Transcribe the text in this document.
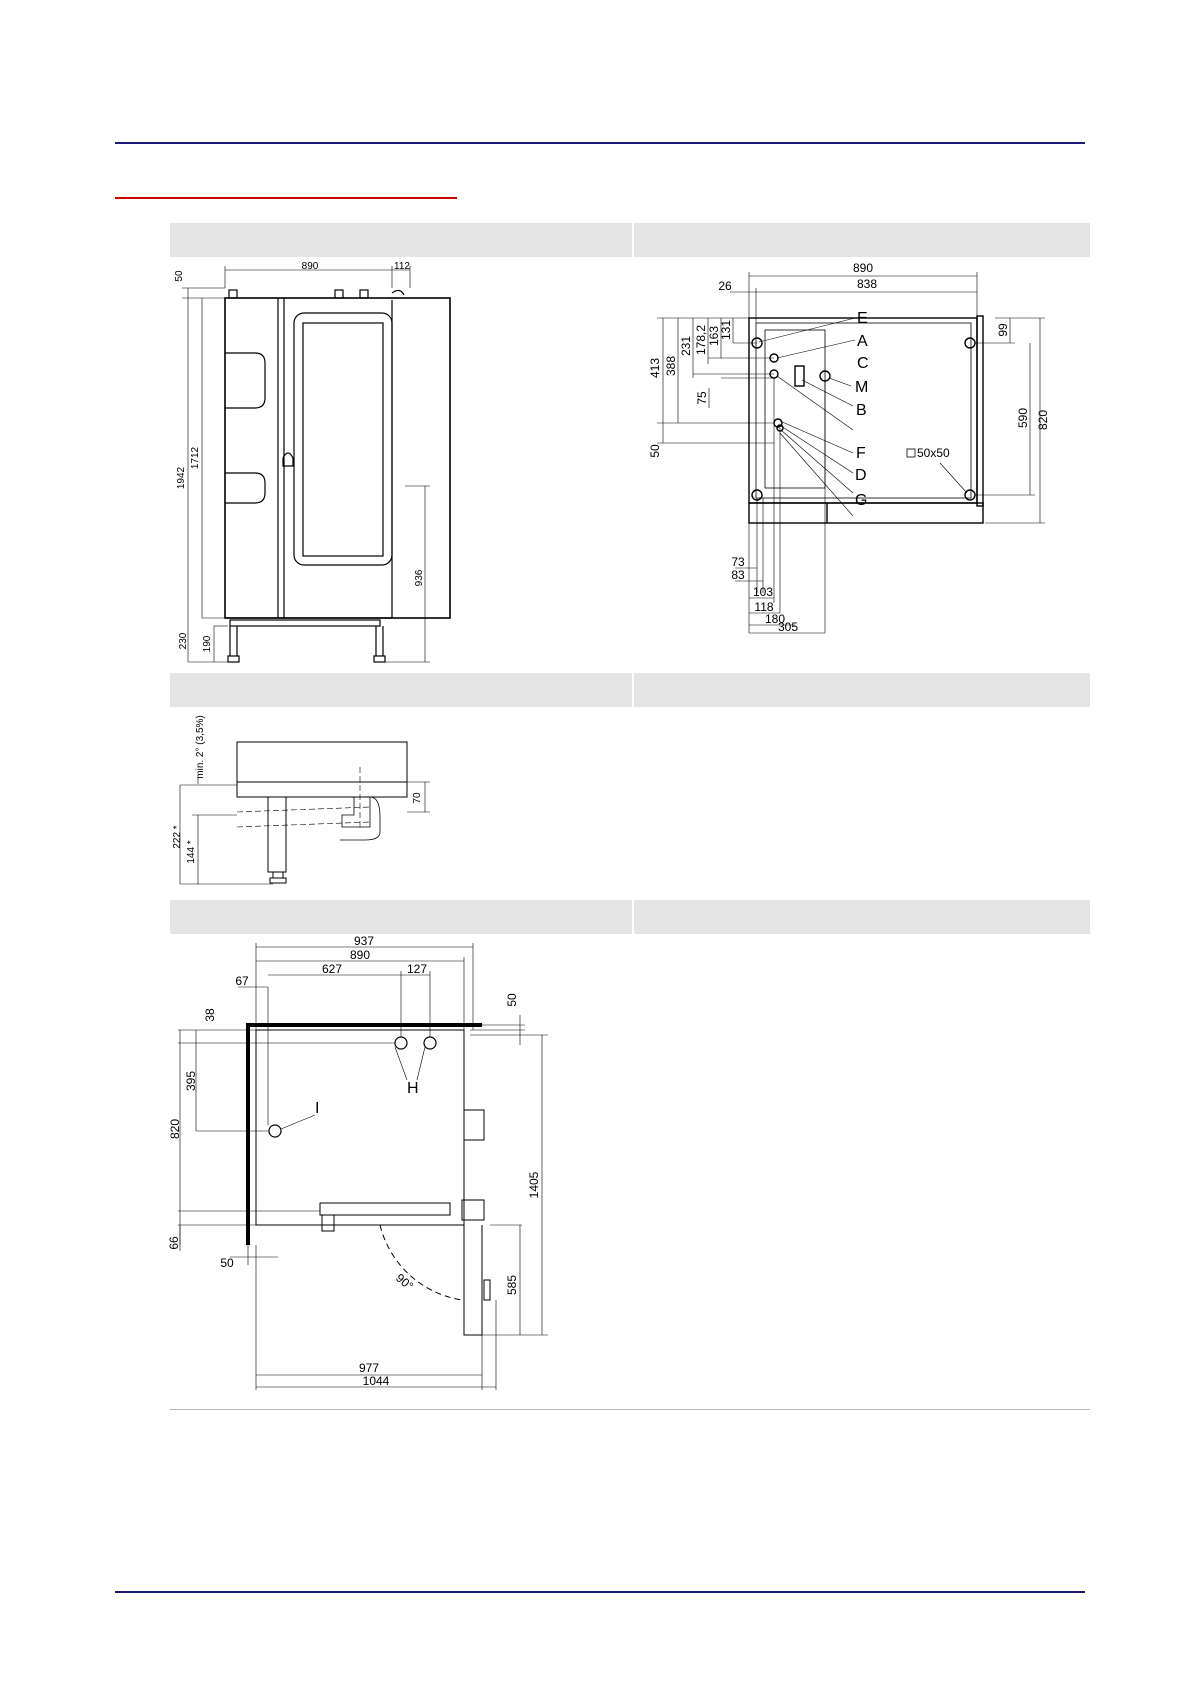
890	112
50
1942
1712
936
230 190
890
838
26
413 388
231 178,2 163
131
75
50
99
590 820
73
83
103
118
180
305
50x50
E
A
C
M
B
F
D
G
min. 2° (3,5%)
222 *
144 *
70
937
890
627	127
67
38
395
820
66
50
50
1405
585
90°
977
1044
H
I
